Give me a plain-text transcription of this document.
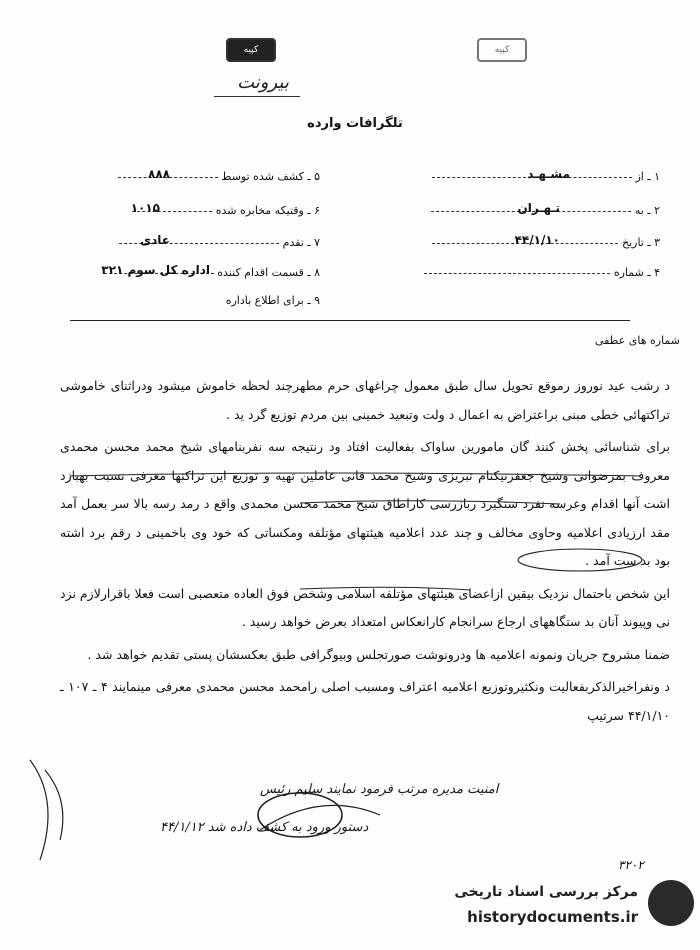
کپیه	کپیه
بیرونت
تلگرافات وارده
۱ ـ از
مشـهـد
۲ ـ به
تـهـران
۳ ـ تاریخ
۴۴/۱/۱۰
۴ ـ شماره
۵ ـ کشف شده توسط
۸۸۸
۶ ـ وقتیکه مخابره شده
۱۰۱۵
۷ ـ تقدم
عادی
۸ ـ قسمت اقدام کننده
اداره کل سوم ۳۲۱
۹ ـ برای اطلاع باداره
شماره های عطفی

د رشب عید نوروز رموقع تحویل سال طبق معمول چراغهای حرم مطهرچند لحظه خاموش میشود ودراثنای خاموشی تراکتهائی خطی مبنی براعتراض به اعمال د ولت وتبعید خمینی بین مردم توزیع گرد ید .

برای شناسائی پخش کنند گان مامورین ساواک بفعالیت افتاد ود رنتیجه سه نفربنامهای شیخ محمد محسن محمدی معروف بمرضوانی وشیخ جعفرنیکنام تبریزی وشیخ محمد قانی عاملین تهیه و توزیع این تراکتها معرفی نسبت بهبازد اشت آنها اقدام وعرسه نفرد ستگیرد ربازرسی کاراطاق شیخ محمد محسن محمدی واقع د رمد رسه بالا سر بعمل آمد مقد ارزیادی اعلامیه وحاوی مخالف و چند عدد اعلامیه هیئتهای مؤتلفه ومکساتی که خود وی باخمینی د رقم برد اشته بود بد ست آمد .

این شخص باحتمال نزدیک بیقین ازاعضای هیئتهای مؤتلفه اسلامی وشخص فوق العاده متعصبی است فعلا باقرارلازم نزد نی وپیوند آنان بد ستگاههای ارجاع سرانجام کارانعکاس امتعداد بعرض خواهد رسید .

ضمنا مشروح جریان ونمونه اعلامیه ها ودرونوشت صورتجلس وبیوگرافی طبق بعکسشان پستی تقدیم خواهد شد .

د ونفراخیرالذکربفعالیت ونکثیروتوزیع اعلامیه اعتراف ومسبب اصلی رامحمد محسن محمدی معرفی مینمایند ۴ ـ ۱۰۷ ـ ۴۴/۱/۱۰ سرتیپ

امنیت مدیره مرتب فرمود نمایند سلیم رئیس
دستور ورود به کشف داده شد ۴۴/۱/۱۲
۳۲۰۲
مرکز بررسی اسناد تاریخی
historydocuments.ir
